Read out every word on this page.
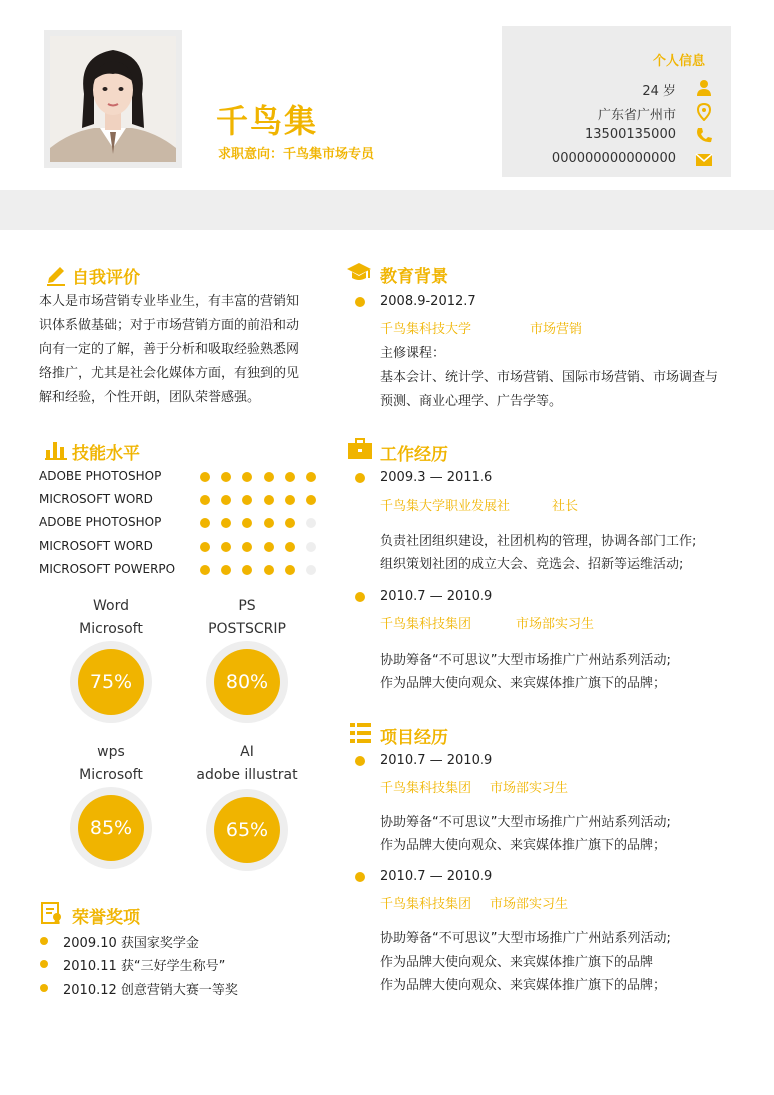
千鸟集
求职意向：千鸟集市场专员
个人信息
24 岁
广东省广州市
13500135000
000000000000000
自我评价
本人是市场营销专业毕业生，有丰富的营销知
识体系做基础；对于市场营销方面的前沿和动
向有一定的了解，善于分析和吸取经验熟悉网
络推广，尤其是社会化媒体方面，有独到的见
解和经验，个性开朗，团队荣誉感强。
技能水平
ADOBE PHOTOSHOP
MICROSOFT WORD
ADOBE PHOTOSHOP
MICROSOFT WORD
MICROSOFT POWERPO
Word
Microsoft
75%
PS
POSTSCRIP
80%
wps
Microsoft
85%
AI
adobe illustrat
65%
荣誉奖项
2009.10 获国家奖学金
2010.11 获“三好学生称号”
2010.12 创意营销大赛一等奖
教育背景
2008.9-2012.7
千鸟集科技大学	市场营销
主修课程：
基本会计、统计学、市场营销、国际市场营销、市场调查与
预测、商业心理学、广告学等。
工作经历
2009.3 — 2011.6
千鸟集大学职业发展社	社长
负责社团组织建设，社团机构的管理，协调各部门工作;
组织策划社团的成立大会、竞选会、招新等运维活动;
2010.7 — 2010.9
千鸟集科技集团	市场部实习生
协助筹备“不可思议”大型市场推广广州站系列活动;
作为品牌大使向观众、来宾媒体推广旗下的品牌；
项目经历
2010.7 — 2010.9
千鸟集科技集团 市场部实习生
协助筹备“不可思议”大型市场推广广州站系列活动;
作为品牌大使向观众、来宾媒体推广旗下的品牌；
2010.7 — 2010.9
千鸟集科技集团 市场部实习生
协助筹备“不可思议”大型市场推广广州站系列活动;
作为品牌大使向观众、来宾媒体推广旗下的品牌
作为品牌大使向观众、来宾媒体推广旗下的品牌；
